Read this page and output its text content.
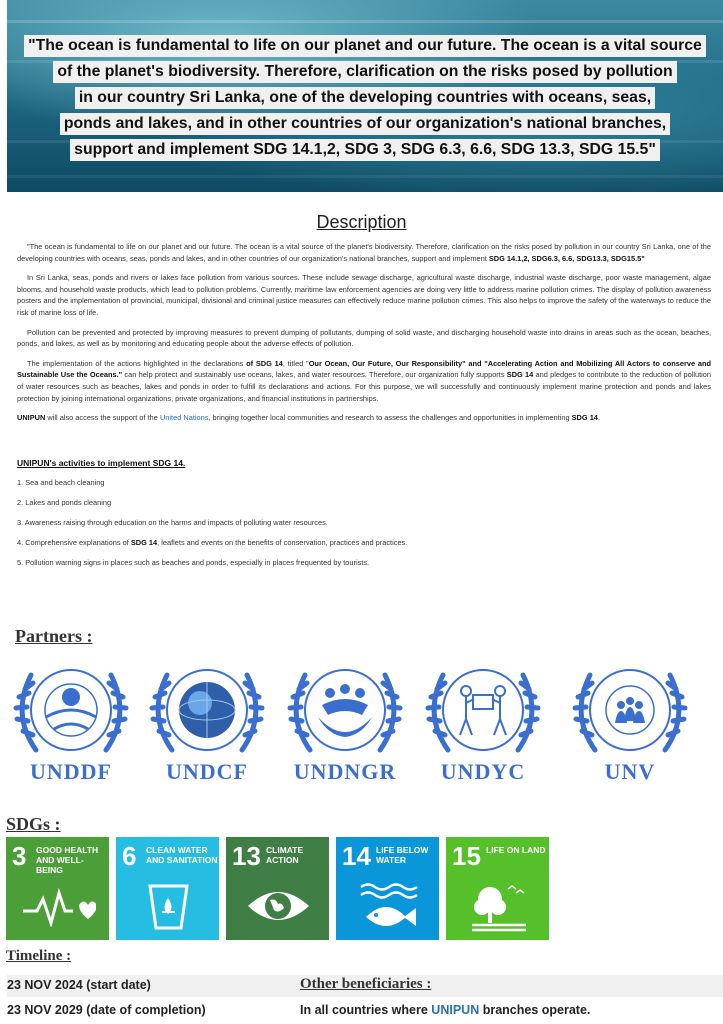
"The ocean is fundamental to life on our planet and our future. The ocean is a vital source
of the planet's biodiversity. Therefore, clarification on the risks posed by pollution
in our country Sri Lanka, one of the developing countries with oceans, seas,
ponds and lakes, and in other countries of our organization's national branches,
support and implement SDG 14.1,2, SDG 3, SDG 6.3, 6.6, SDG 13.3, SDG 15.5"
Description

"The ocean is fundamental to life on our planet and our future. The ocean is a vital source of the planet's biodiversity. Therefore, clarification on the risks posed by pollution in our country Sri Lanka, one of the developing countries with oceans, seas, ponds and lakes, and in other countries of our organization's national branches, support and implement SDG 14.1,2, SDG6.3, 6.6, SDG13.3, SDG15.5"

In Sri Lanka, seas, ponds and rivers or lakes face pollution from various sources. These include sewage discharge, agricultural waste discharge, industrial waste discharge, poor waste management, algae blooms, and household waste products, which lead to pollution problems. Currently, maritime law enforcement agencies are doing very little to address marine pollution crimes. The display of pollution awareness posters and the implementation of provincial, municipal, divisional and criminal justice measures can effectively reduce marine pollution crimes. This also helps to improve the safety of the waterways to reduce the risk of marine loss of life.

Pollution can be prevented and protected by improving measures to prevent dumping of pollutants, dumping of solid waste, and discharging household waste into drains in areas such as the ocean, beaches, ponds, and lakes, as well as by monitoring and educating people about the adverse effects of pollution.

The implementation of the actions highlighted in the declarations of SDG 14, titled "Our Ocean, Our Future, Our Responsibility" and "Accelerating Action and Mobilizing All Actors to conserve and Sustainable Use the Oceans." can help protect and sustainably use oceans, lakes, and water resources. Therefore, our organization fully supports SDG 14 and pledges to contribute to the reduction of pollution of water resources such as beaches, lakes and ponds in order to fulfill its declarations and actions. For this purpose, we will successfully and continuously implement marine protection and ponds and lakes protection by joining international organizations, private organizations, and financial institutions in partnerships.

UNIPUN will also access the support of the United Nations, bringing together local communities and research to assess the challenges and opportunities in implementing SDG 14.

UNIPUN's activities to implement SDG 14.
1. Sea and beach cleaning
2. Lakes and ponds cleaning
3. Awareness raising through education on the harms and impacts of polluting water resources.
4. Comprehensive explanations of SDG 14, leaflets and events on the benefits of conservation, practices and practices.
5. Pollution warning signs in places such as beaches and ponds, especially in places frequented by tourists.
Partners :
UNDDF	UNDCF	UNDNGR	UNDYC	UNV
SDGs :
3 GOOD HEALTH AND WELL-BEING	6 CLEAN WATER AND SANITATION 13 CLIMATE ACTION	14 LIFE BELOW WATER	15 LIFE ON LAND
Timeline :
23 NOV 2024 (start date)	Other beneficiaries :
23 NOV 2029 (date of completion)	In all countries where UNIPUN branches operate.
